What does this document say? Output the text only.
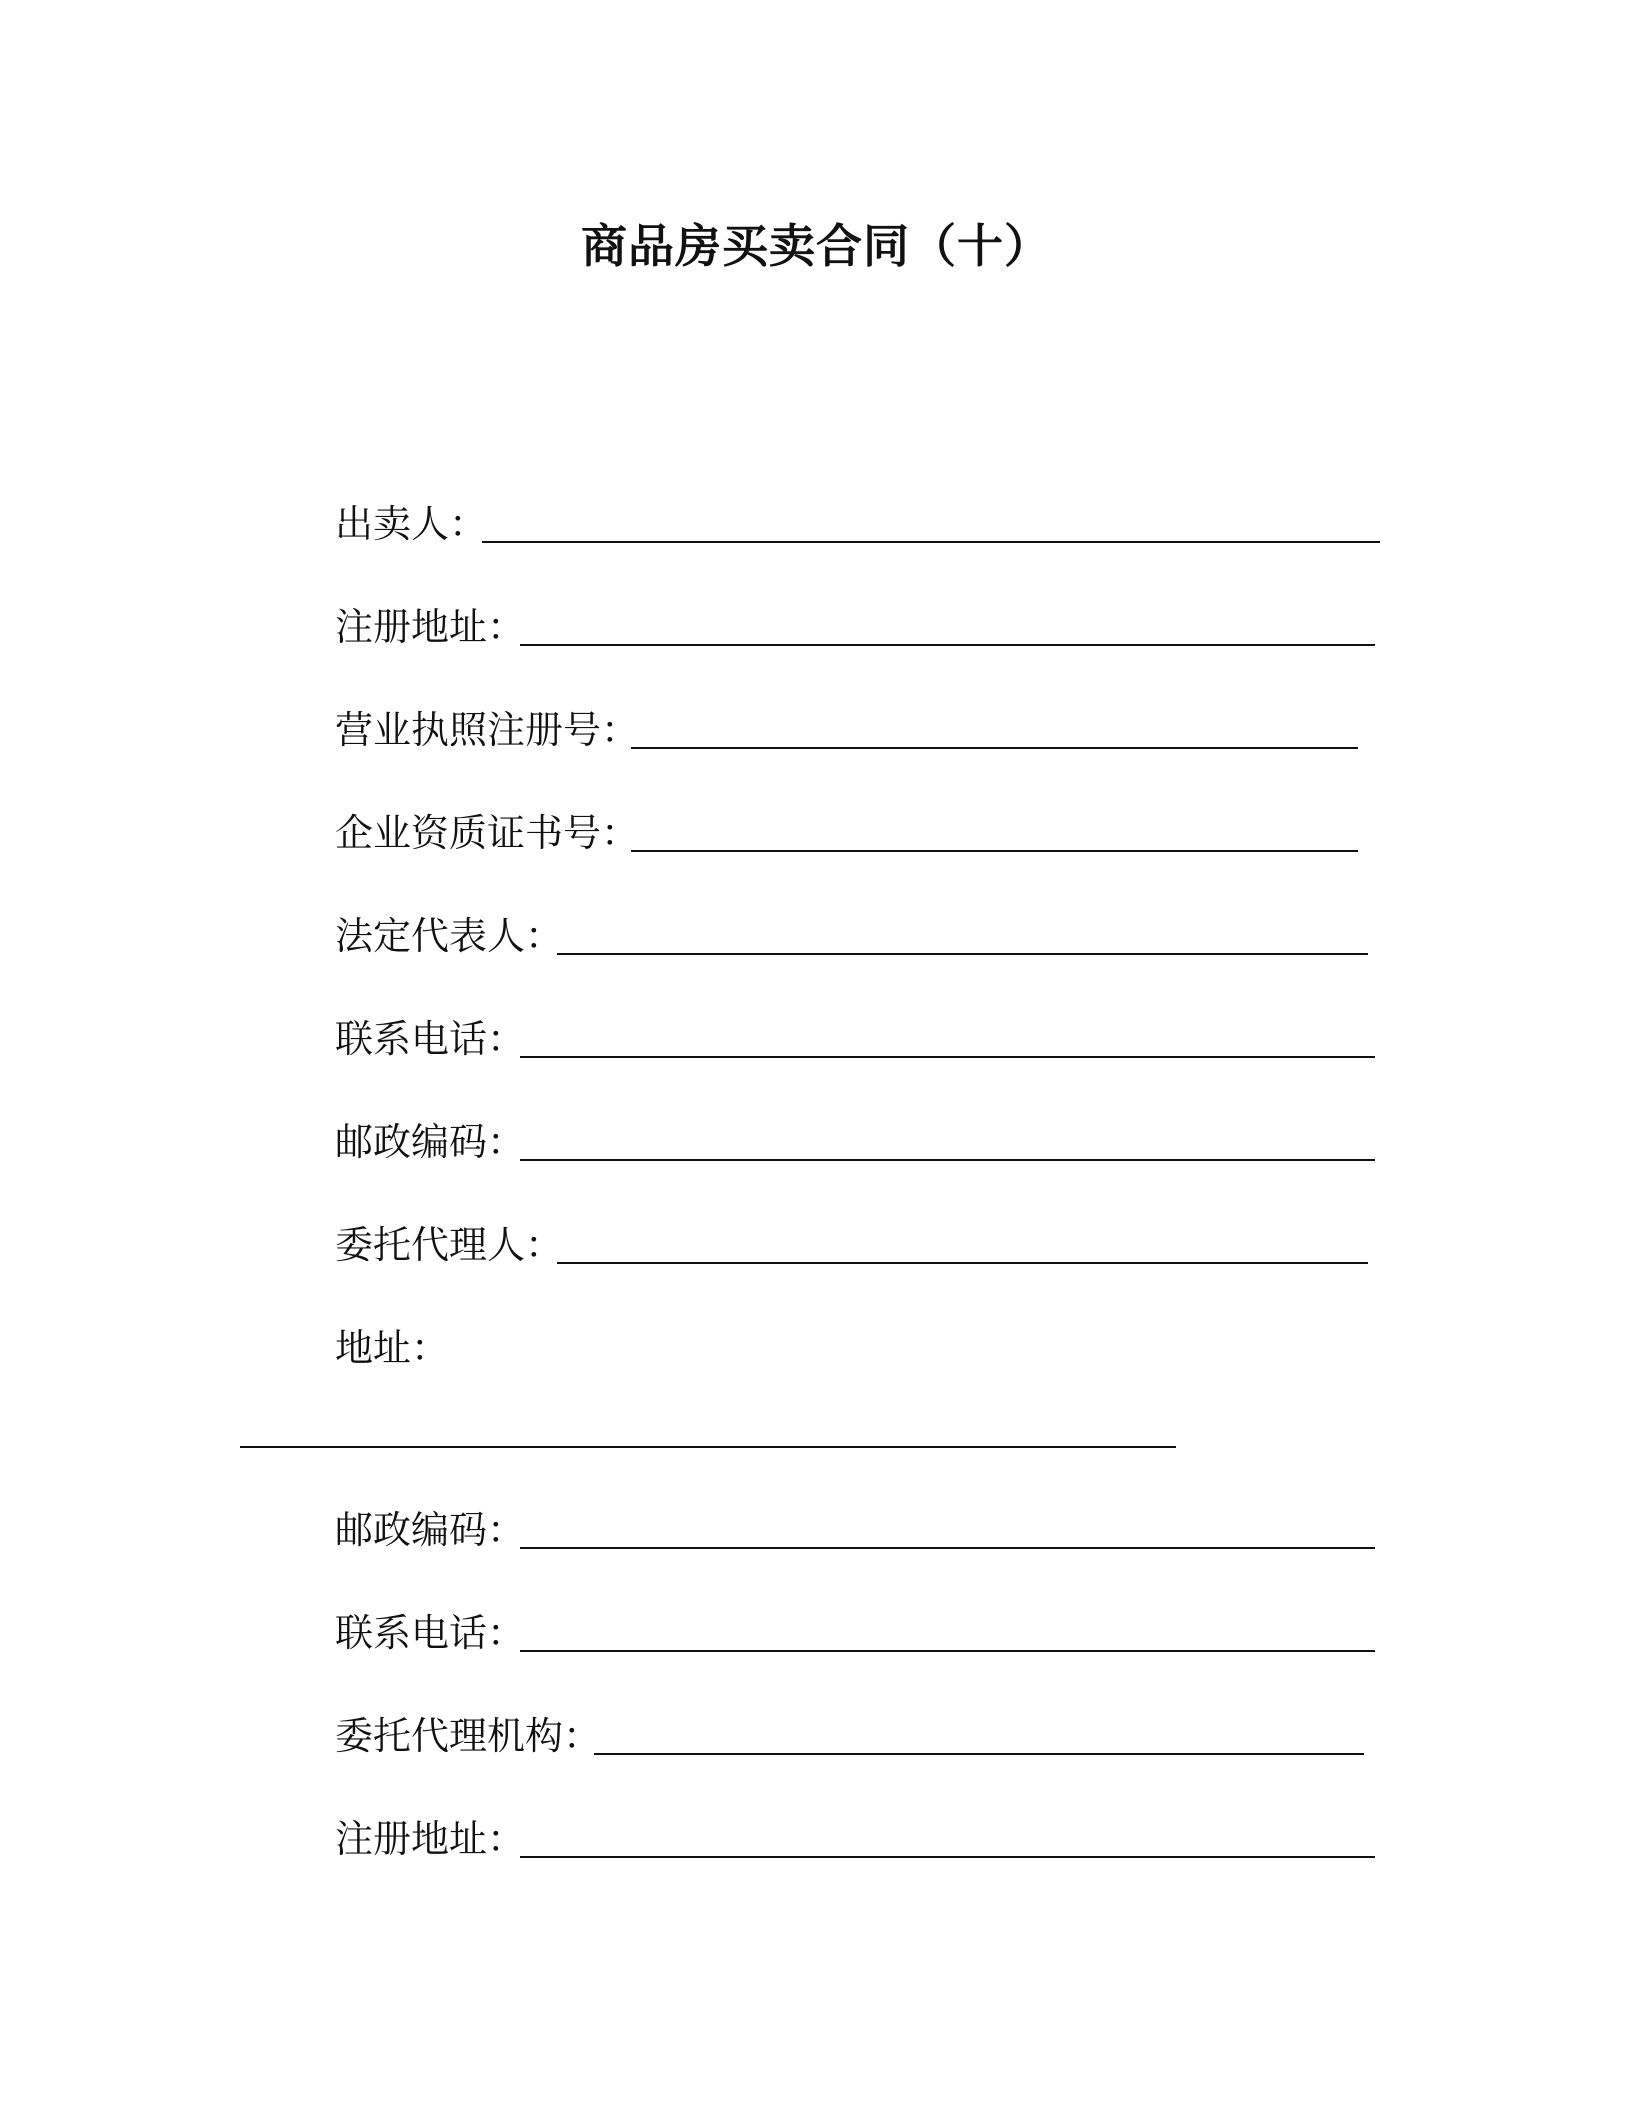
商品房买卖合同（十）
出卖人：
注册地址：
营业执照注册号：
企业资质证书号：
法定代表人：
联系电话：
邮政编码：
委托代理人：
地址：
邮政编码：
联系电话：
委托代理机构：
注册地址：
